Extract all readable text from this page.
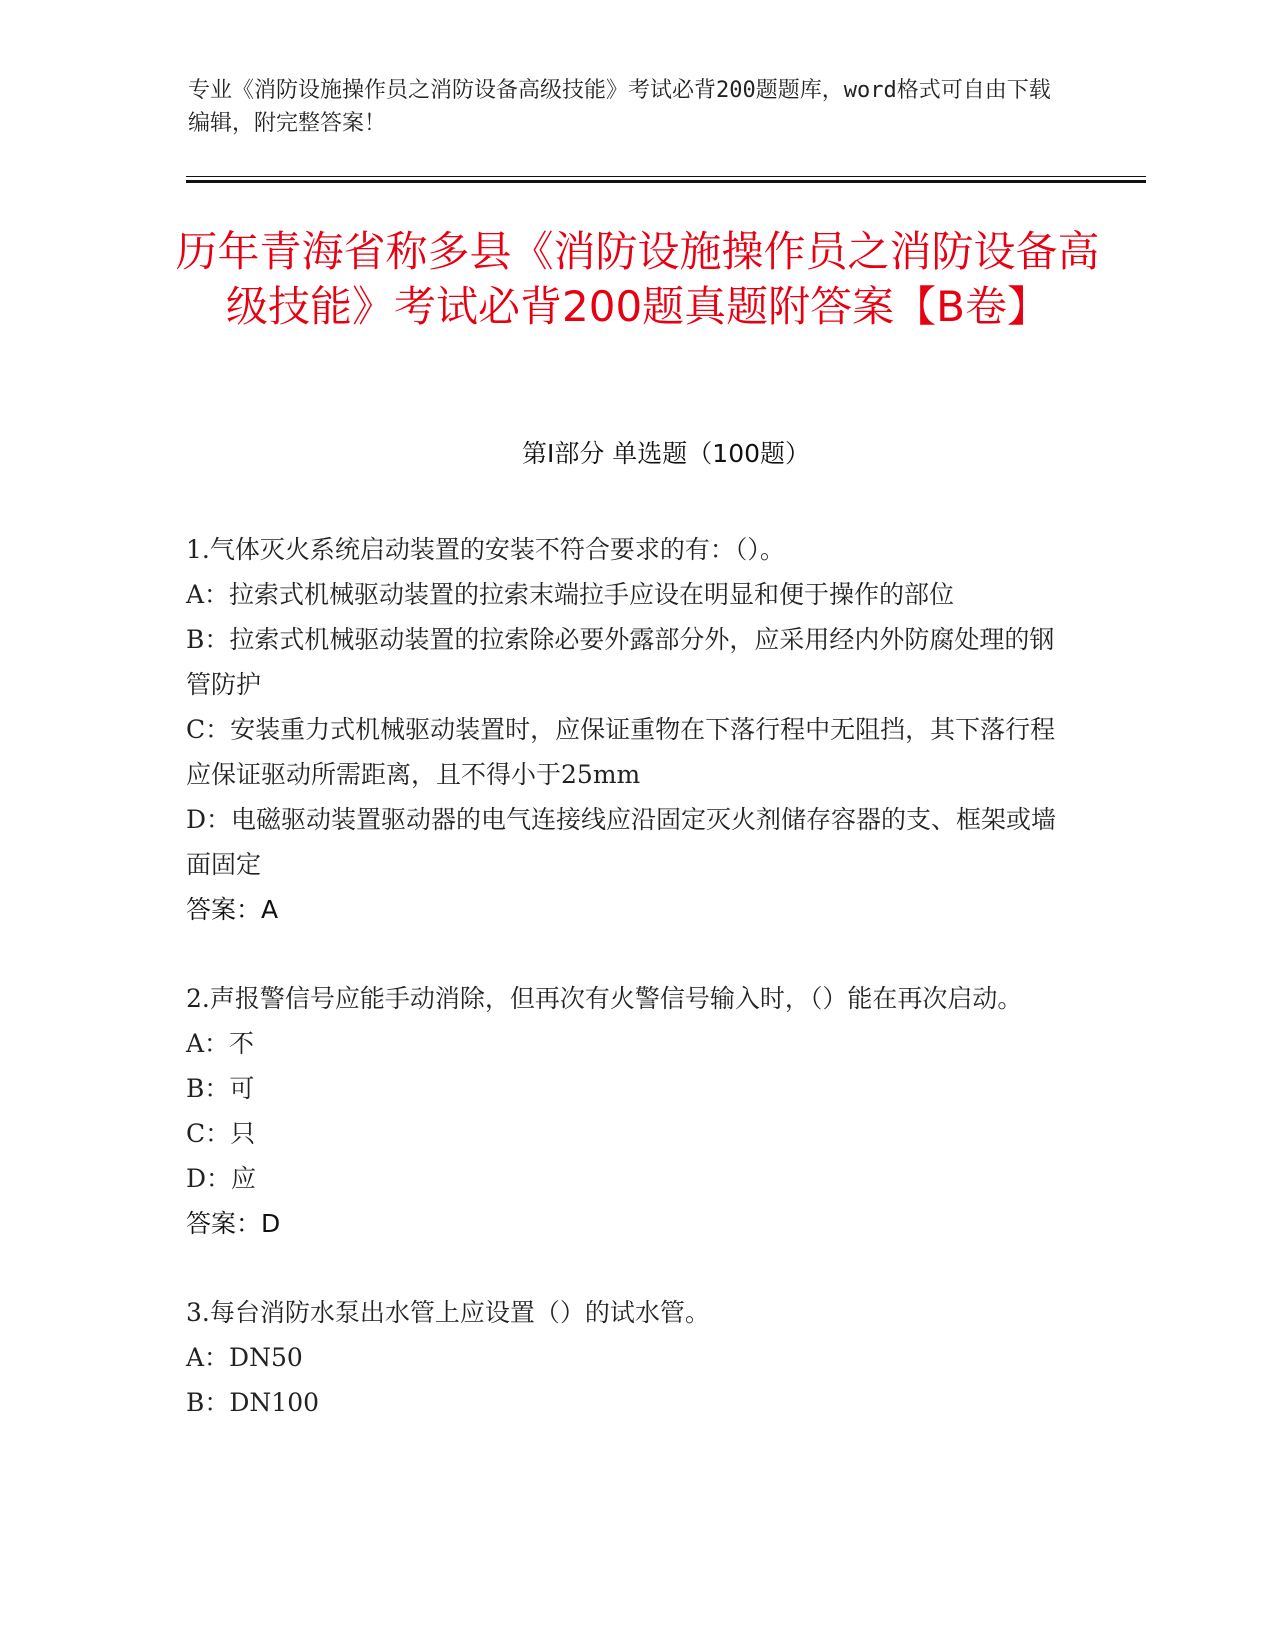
专业《消防设施操作员之消防设备高级技能》考试必背200题题库，word格式可自由下载编辑，附完整答案！
历年青海省称多县《消防设施操作员之消防设备高级技能》考试必背200题真题附答案【B卷】
第I部分 单选题（100题）

1.气体灭火系统启动装置的安装不符合要求的有：（）。

A：拉索式机械驱动装置的拉索末端拉手应设在明显和便于操作的部位

B：拉索式机械驱动装置的拉索除必要外露部分外，应采用经内外防腐处理的钢管防护

C：安装重力式机械驱动装置时，应保证重物在下落行程中无阻挡，其下落行程应保证驱动所需距离，且不得小于25mm

D：电磁驱动装置驱动器的电气连接线应沿固定灭火剂储存容器的支、框架或墙面固定

答案：A

2.声报警信号应能手动消除，但再次有火警信号输入时，（）能在再次启动。

A：不

B：可

C：只

D：应

答案：D

3.每台消防水泵出水管上应设置（）的试水管。

A：DN50

B：DN100
